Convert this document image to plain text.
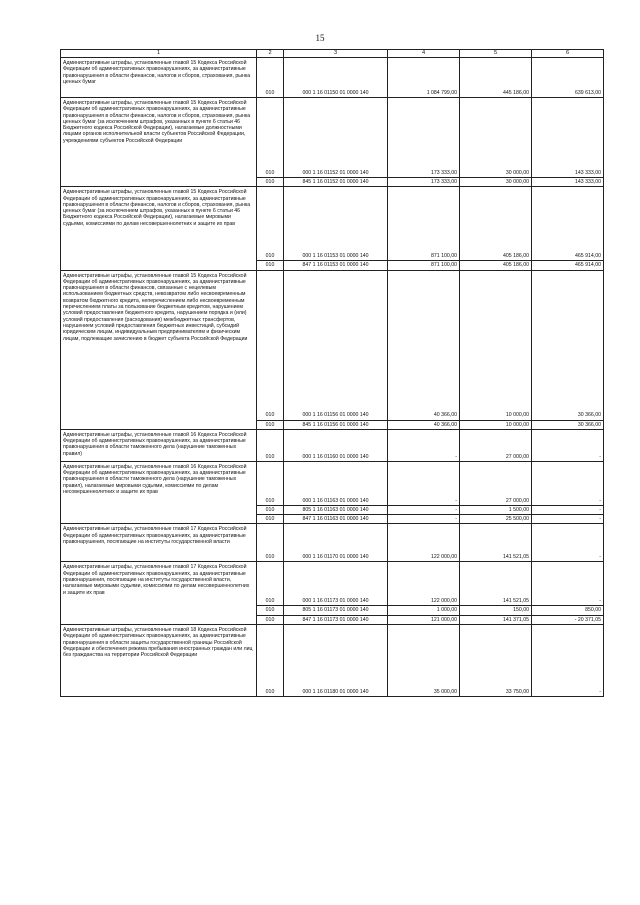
15
1	2	3	4	5	6
Административные штрафы, установленные главой 15 Кодекса Российской Федерации об административных правонарушениях, за административные правонарушения в области финансов, налогов и сборов, страхования, рынка ценных бумаг	010	000 1 16 01150 01 0000 140	1 084 799,00	445 186,00	639 613,00
Административные штрафы, установленные главой 15 Кодекса Российской Федерации об административных правонарушениях, за административные правонарушения в области финансов, налогов и сборов, страхования, рынка ценных бумаг (за исключением штрафов, указанных в пункте 6 статьи 46 Бюджетного кодекса Российской Федерации), налагаемые должностными лицами органов исполнительной власти субъектов Российской Федерации, учреждениями субъектов Российской Федерации	010	000 1 16 01152 01 0000 140	173 333,00	30 000,00	143 333,00
	010	845 1 16 01152 01 0000 140	173 333,00	30 000,00	143 333,00
Административные штрафы, установленные главой 15 Кодекса Российской Федерации об административных правонарушениях, за административные правонарушения в области финансов, налогов и сборов, страхования, рынка ценных бумаг (за исключением штрафов, указанных в пункте 6 статьи 46 Бюджетного кодекса Российской Федерации), налагаемые мировыми судьями, комиссиями по делам несовершеннолетних и защите их прав	010	000 1 16 01153 01 0000 140	871 100,00	405 186,00	465 914,00
	010	847 1 16 01153 01 0000 140	871 100,00	405 186,00	465 914,00
Административные штрафы, установленные главой 15 Кодекса Российской Федерации об административных правонарушениях, за административные правонарушения в области финансов, связанные с нецелевым использованием бюджетных средств, невозвратом либо несвоевременным возвратом бюджетного кредита, неперечислением либо несвоевременным перечислением платы за пользование бюджетным кредитом, нарушением условий предоставления бюджетного кредита, нарушением порядка и (или) условий предоставления (расходования) межбюджетных трансфертов, нарушением условий предоставления бюджетных инвестиций, субсидий юридическим лицам, индивидуальным предпринимателям и физическим лицам, подлежащие зачислению в бюджет субъекта Российской Федерации	010	000 1 16 01156 01 0000 140	40 366,00	10 000,00	30 366,00
	010	845 1 16 01156 01 0000 140	40 366,00	10 000,00	30 366,00
Административные штрафы, установленные главой 16 Кодекса Российской Федерации об административных правонарушениях, за административные правонарушения в области таможенного дела (нарушение таможенных правил)	010	000 1 16 01160 01 0000 140	-	27 000,00	-
Административные штрафы, установленные главой 16 Кодекса Российской Федерации об административных правонарушениях, за административные правонарушения в области таможенного дела (нарушение таможенных правил), налагаемые мировыми судьями, комиссиями по делам несовершеннолетних и защите их прав	010	000 1 16 01163 01 0000 140	-	27 000,00	-
	010	805 1 16 01163 01 0000 140	-	1 500,00	-
	010	847 1 16 01163 01 0000 140	-	25 500,00	-
Административные штрафы, установленные главой 17 Кодекса Российской Федерации об административных правонарушениях, за административные правонарушения, посягающие на институты государственной власти	010	000 1 16 01170 01 0000 140	122 000,00	141 521,05	-
Административные штрафы, установленные главой 17 Кодекса Российской Федерации об административных правонарушениях, за административные правонарушения, посягающие на институты государственной власти, налагаемые мировыми судьями, комиссиями по делам несовершеннолетних и защите их прав	010	000 1 16 01173 01 0000 140	122 000,00	141 521,05	-
	010	805 1 16 01173 01 0000 140	1 000,00	150,00	850,00
	010	847 1 16 01173 01 0000 140	121 000,00	141 371,05	- 20 371,05
Административные штрафы, установленные главой 18 Кодекса Российской Федерации об административных правонарушениях, за административные правонарушения в области защиты государственной границы Российской Федерации и обеспечения режима пребывания иностранных граждан или лиц без гражданства на территории Российской Федерации	010	000 1 16 01180 01 0000 140	35 000,00	33 750,00	-
